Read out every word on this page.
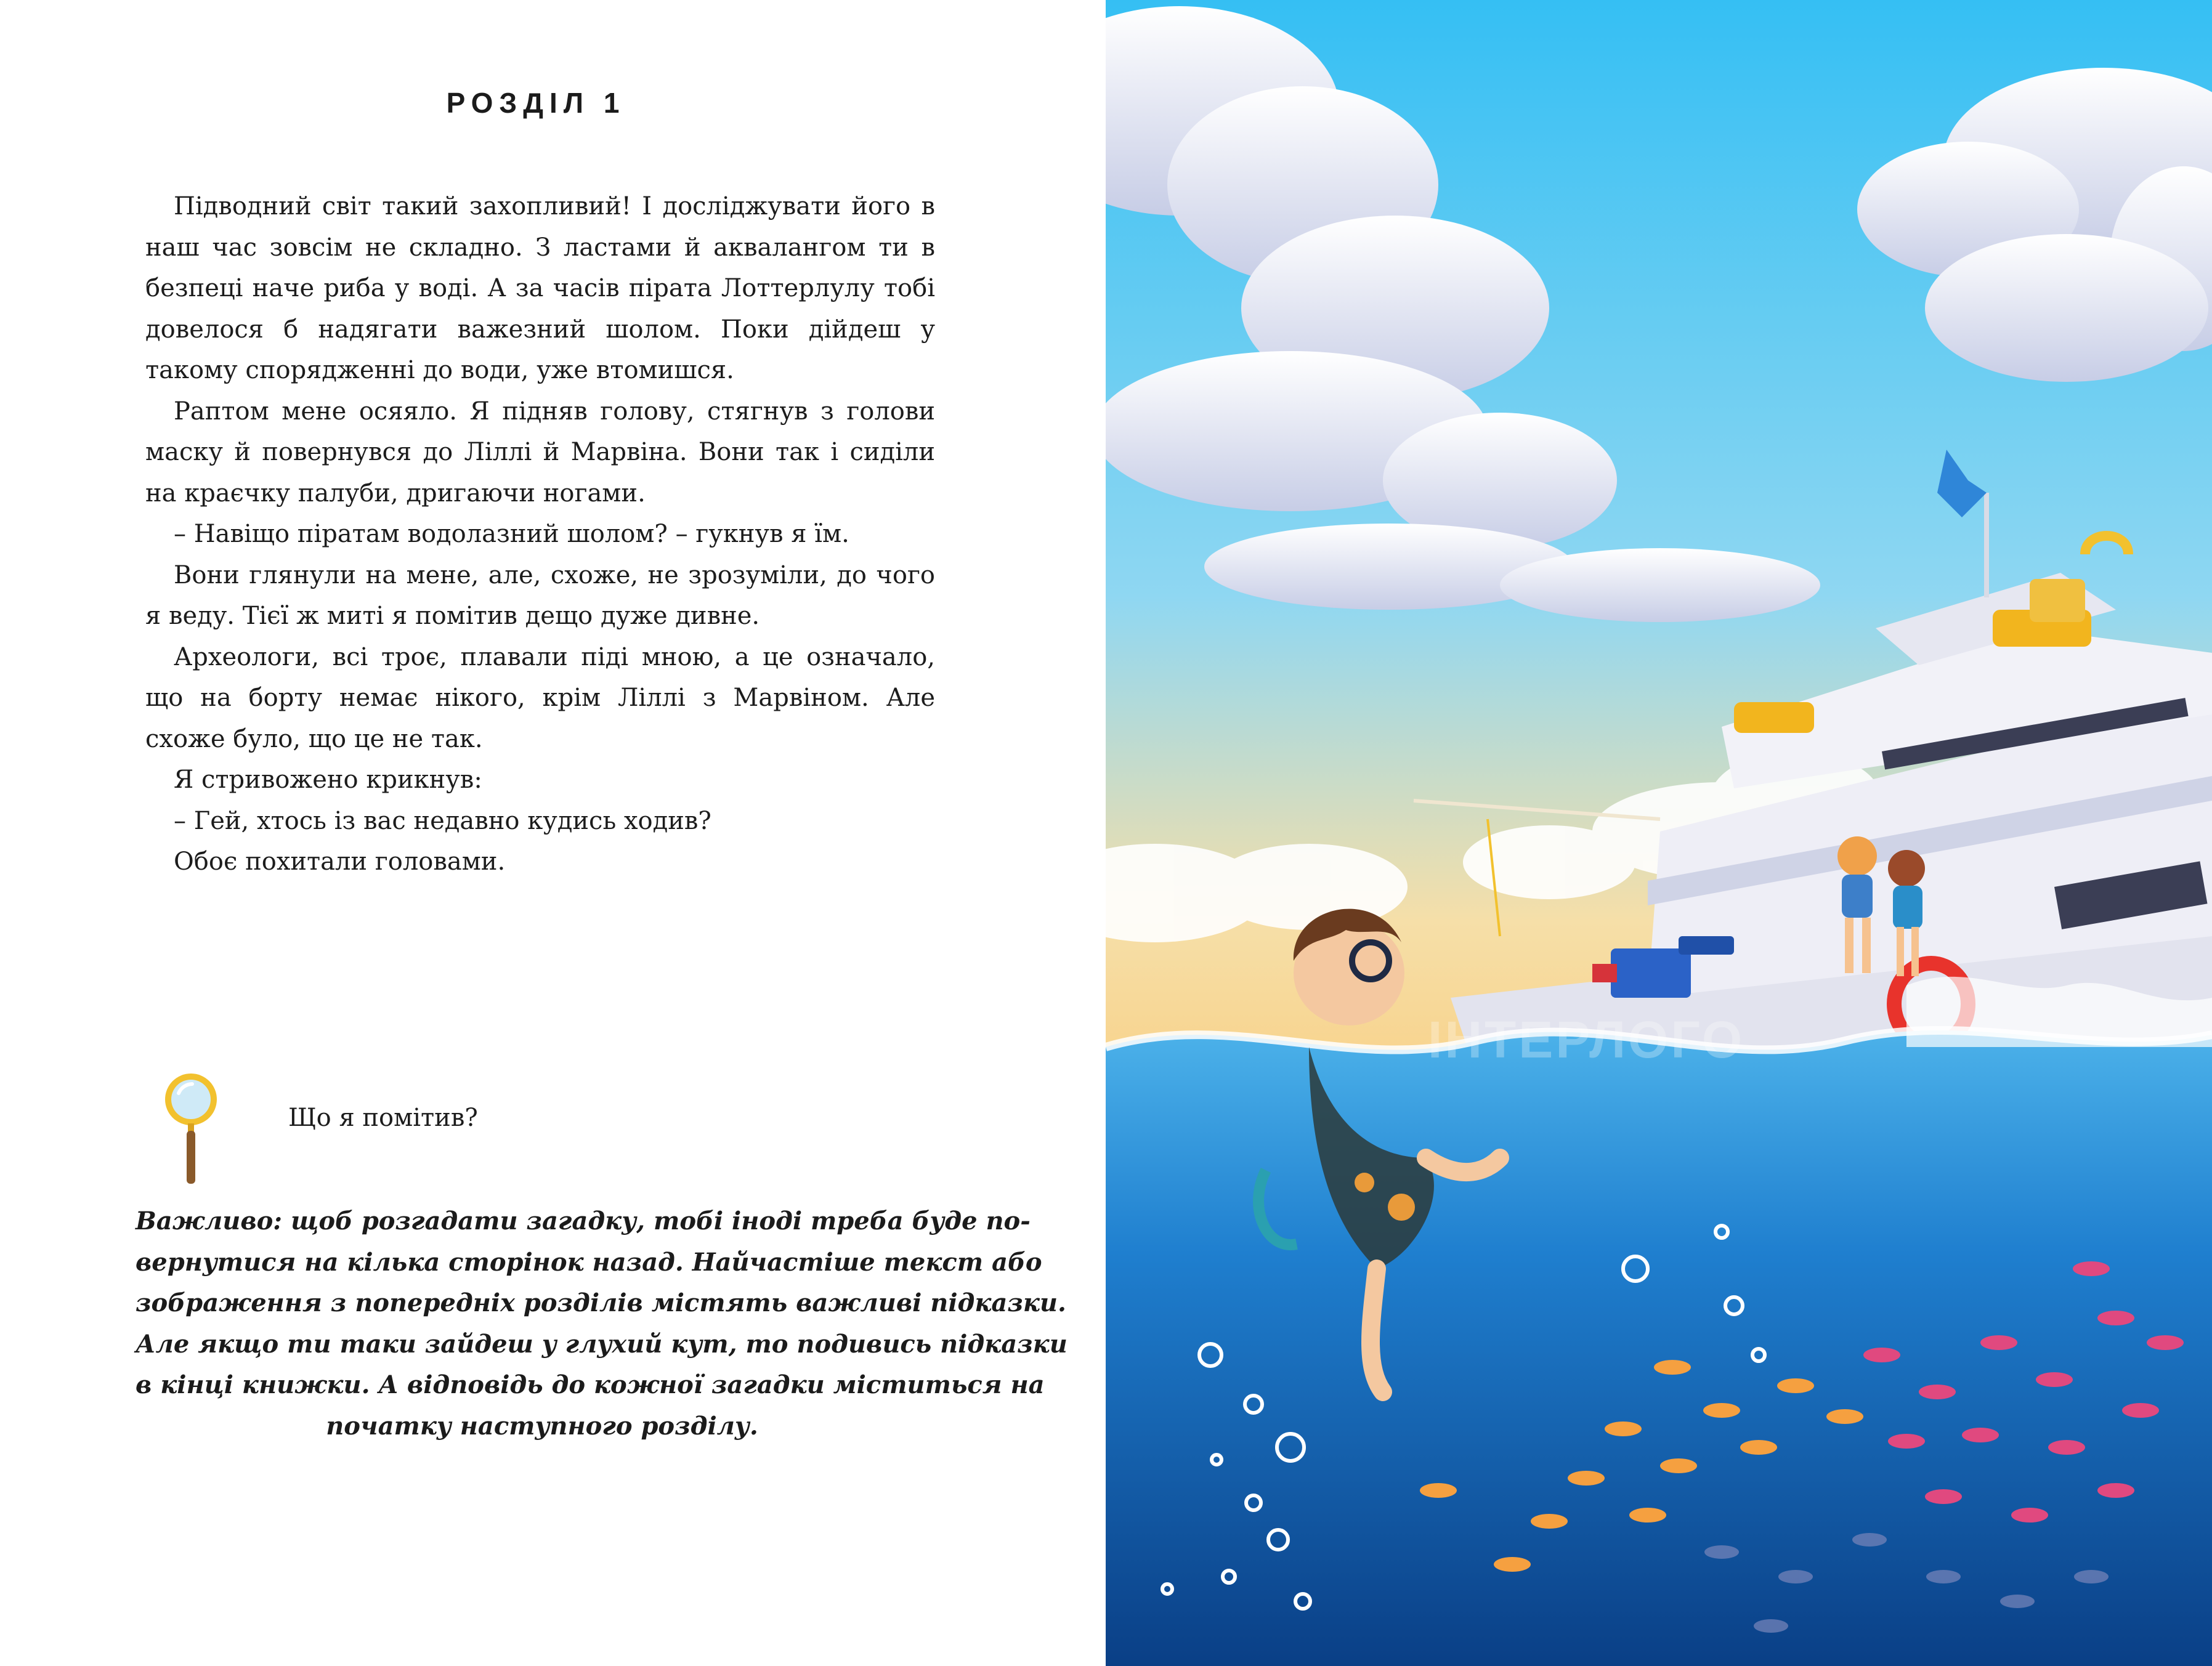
РОЗДІЛ 1

Підводний світ такий захопливий! І досліджувати його в наш час зовсім не складно. З ластами й аквалангом ти в безпеці наче риба у воді. А за часів пірата Лоттерлулу тобі довелося б надягати важезний шолом. Поки дійдеш у такому спорядженні до води, уже втомишся.

Раптом мене осяяло. Я підняв голову, стягнув з голови маску й повернувся до Ліллі й Марвіна. Вони так і сиділи на краєчку палуби, дригаючи ногами.

– Навіщо піратам водолазний шолом? – гукнув я їм.

Вони глянули на мене, але, схоже, не зрозуміли, до чого я веду. Тієї ж миті я помітив дещо дуже дивне.

Археологи, всі троє, плавали піді мною, а це означало, що на борту немає нікого, крім Ліллі з Марвіном. Але схоже було, що це не так.

Я стривожено крикнув:

– Гей, хтось із вас недавно кудись ходив?

Обоє похитали головами.

Що я помітив?

Важливо: щоб розгадати загадку, тобі іноді треба буде по-

вернутися на кілька сторінок назад. Найчастіше текст або

зображення з попередніх розділів містять важливі підказки.

Але якщо ти таки зайдеш у глухий кут, то подивись підказки

в кінці книжки. А відповідь до кожної загадки міститься на

початку наступного розділу.

ІНТЕРЛОГО
